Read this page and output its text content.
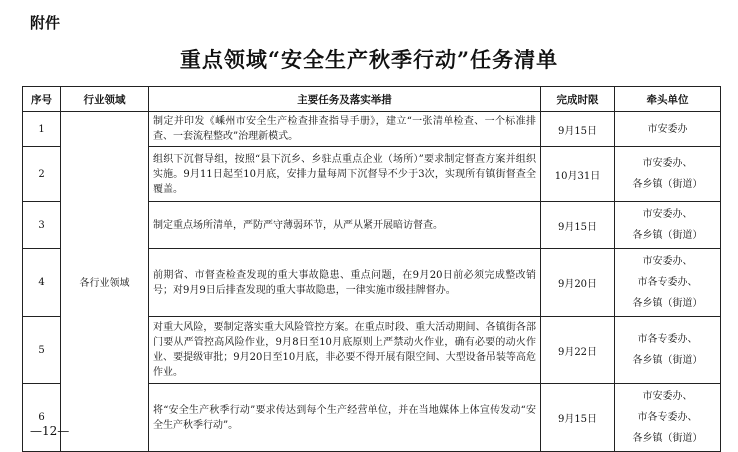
附件
重点领域“安全生产秋季行动”任务清单
序号	行业领域	主要任务及落实举措	完成时限	牵头单位
1	各行业领域	制定并印发《嵊州市安全生产检查排查指导手册》，建立“一张清单检查、一个标准排查、一套流程整改”治理新模式。	9月15日	市安委办

2		组织下沉督导组，按照“县下沉乡、乡驻点重点企业（场所）”要求制定督查方案并组织实施。9月11日起至10月底，安排力量每周下沉督导不少于3次，实现所有镇街督查全覆盖。	10月31日	市安委办、
各乡镇（街道）

3		制定重点场所清单，严防严守薄弱环节，从严从紧开展暗访督查。	9月15日	市安委办、
各乡镇（街道）

4		前期省、市督查检查发现的重大事故隐患、重点问题，在9月20日前必须完成整改销号；对9月9日后排查发现的重大事故隐患，一律实施市级挂牌督办。	9月20日	市安委办、
市各专委办、
各乡镇（街道）

5		对重大风险，要制定落实重大风险管控方案。在重点时段、重大活动期间、各镇街各部门要从严管控高风险作业，9月8日至10月底原则上严禁动火作业，确有必要的动火作业、要提级审批；9月20日至10月底，非必要不得开展有限空间、大型设备吊装等高危作业。	9月22日	市各专委办、
各乡镇（街道）

6		将“安全生产秋季行动”要求传达到每个生产经营单位，并在当地媒体上体宣传发动“安全生产秋季行动”。	9月15日	市安委办、
市各专委办、
各乡镇（街道）
—12—
